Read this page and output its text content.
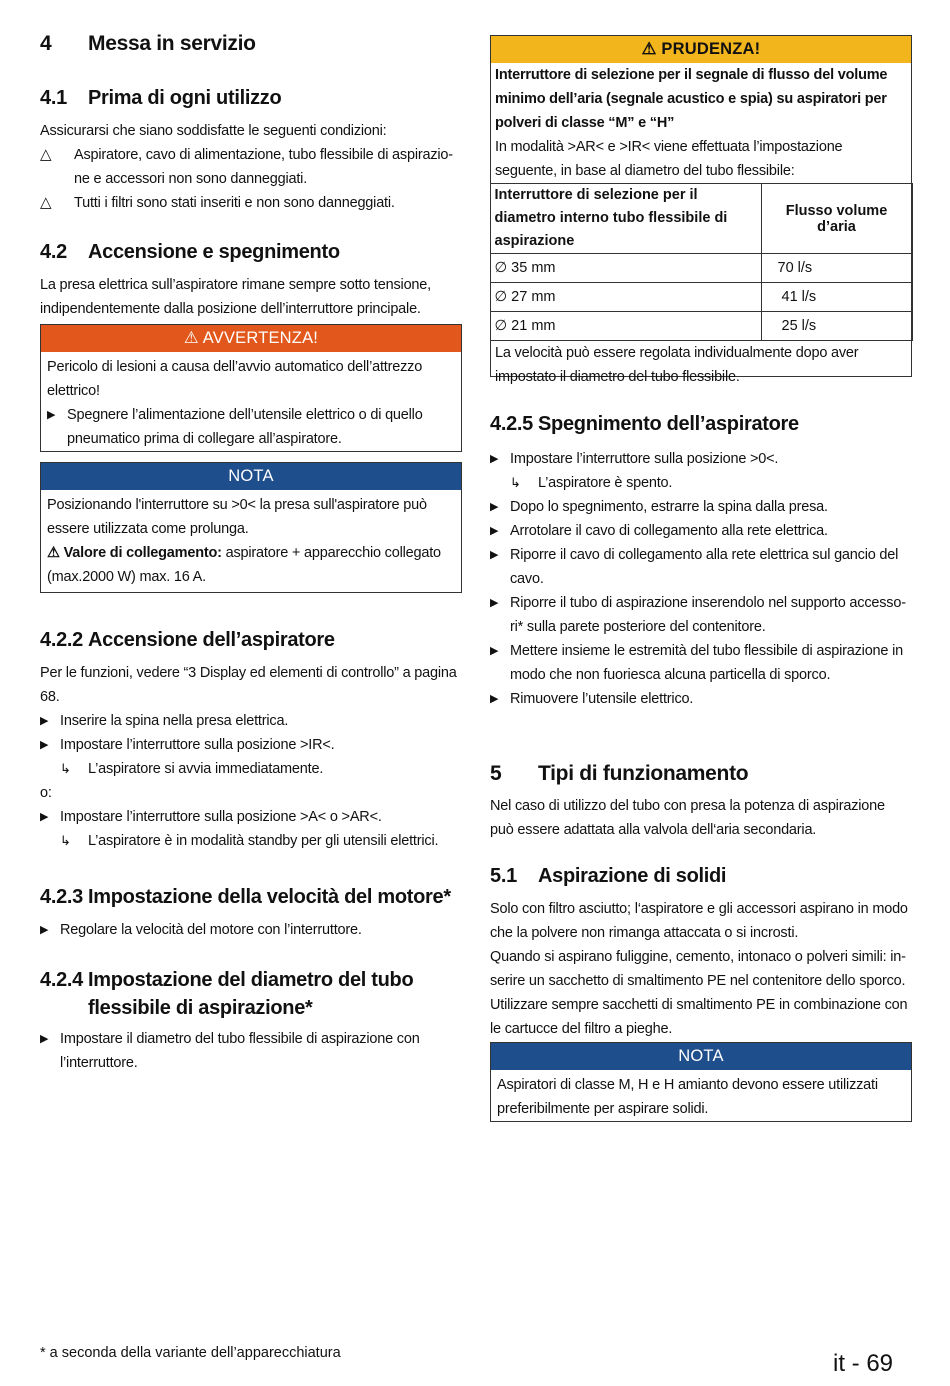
4 Messa in servizio
4.1 Prima di ogni utilizzo
Assicurarsi che siano soddisfatte le seguenti condizioni:
△ Aspiratore, cavo di alimentazione, tubo flessibile di aspirazio-ne e accessori non sono danneggiati.
△ Tutti i filtri sono stati inseriti e non sono danneggiati.
4.2 Accensione e spegnimento
La presa elettrica sull’aspiratore rimane sempre sotto tensione, indipendentemente dalla posizione dell’interruttore principale.
⚠ AVVERTENZA!
Pericolo di lesioni a causa dell’avvio automatico dell’attrezzo elettrico!
▶ Spegnere l’alimentazione dell’utensile elettrico o di quello pneumatico prima di collegare all’aspiratore.
NOTA
Posizionando l'interruttore su >0< la presa sull'aspiratore può essere utilizzata come prolunga.
⚠ Valore di collegamento: aspiratore + apparecchio collegato (max.2000 W) max. 16 A.
4.2.2 Accensione dell’aspiratore
Per le funzioni, vedere “3 Display ed elementi di controllo” a pagina 68.
▶ Inserire la spina nella presa elettrica.
▶ Impostare l’interruttore sulla posizione >IR<.
↳ L’aspiratore si avvia immediatamente.
o:
▶ Impostare l’interruttore sulla posizione >A< o >AR<.
↳ L’aspiratore è in modalità standby per gli utensili elettrici.
4.2.3 Impostazione della velocità del motore*
▶ Regolare la velocità del motore con l’interruttore.
4.2.4 Impostazione del diametro del tubo
flessibile di aspirazione*
▶ Impostare il diametro del tubo flessibile di aspirazione con l’interruttore.
⚠ PRUDENZA!
Interruttore di selezione per il segnale di flusso del volume minimo dell’aria (segnale acustico e spia) su aspiratori per polveri di classe “M” e “H”
In modalità >AR< e >IR< viene effettuata l’impostazione seguente, in base al diametro del tubo flessibile:
Interruttore di selezione per il diametro interno tubo flessibile di aspirazione	Flusso volume d’aria
∅ 35 mm	70 l/s
∅ 27 mm	41 l/s
∅ 21 mm	25 l/s
La velocità può essere regolata individualmente dopo aver impostato il diametro del tubo flessibile.
4.2.5 Spegnimento dell’aspiratore
▶ Impostare l’interruttore sulla posizione >0<.
↳ L’aspiratore è spento.
▶ Dopo lo spegnimento, estrarre la spina dalla presa.
▶ Arrotolare il cavo di collegamento alla rete elettrica.
▶ Riporre il cavo di collegamento alla rete elettrica sul gancio del cavo.
▶ Riporre il tubo di aspirazione inserendolo nel supporto accesso-ri* sulla parete posteriore del contenitore.
▶ Mettere insieme le estremità del tubo flessibile di aspirazione in modo che non fuoriesca alcuna particella di sporco.
▶ Rimuovere l’utensile elettrico.
5 Tipi di funzionamento
Nel caso di utilizzo del tubo con presa la potenza di aspirazione può essere adattata alla valvola dell‘aria secondaria.
5.1 Aspirazione di solidi
Solo con filtro asciutto; l‘aspiratore e gli accessori aspirano in modo che la polvere non rimanga attaccata o si incrosti.
Quando si aspirano fuliggine, cemento, intonaco o polveri simili: in-serire un sacchetto di smaltimento PE nel contenitore dello sporco.
Utilizzare sempre sacchetti di smaltimento PE in combinazione con le cartucce del filtro a pieghe.
NOTA
Aspiratori di classe M, H e H amianto devono essere utilizzati preferibilmente per aspirare solidi.
* a seconda della variante dell’apparecchiatura	it - 69
